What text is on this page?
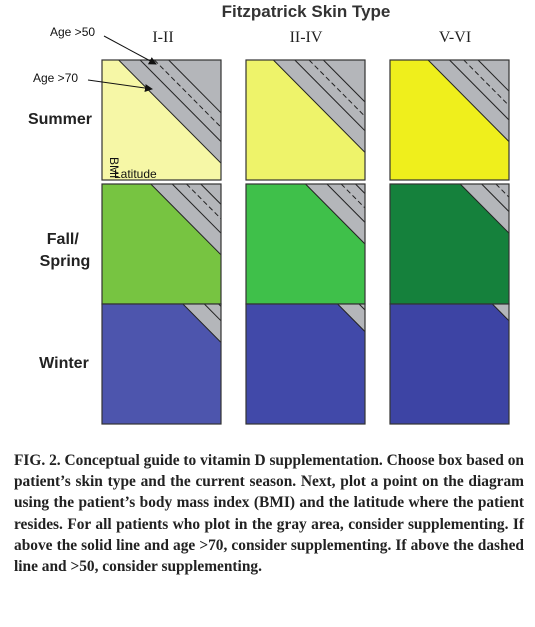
Fitzpatrick Skin Type
I-II	II-IV	V-VI
Summer
Fall/ Spring
Winter
Age >50
Age >70
BMI
Latitude

FIG. 2. Conceptual guide to vitamin D supplementation. Choose box based on patient’s skin type and the current season. Next, plot a point on the diagram using the patient’s body mass index (BMI) and the latitude where the patient resides. For all patients who plot in the gray area, consider supplementing. If above the solid line and age >70, consider supplementing. If above the dashed line and >50, consider supplementing.
